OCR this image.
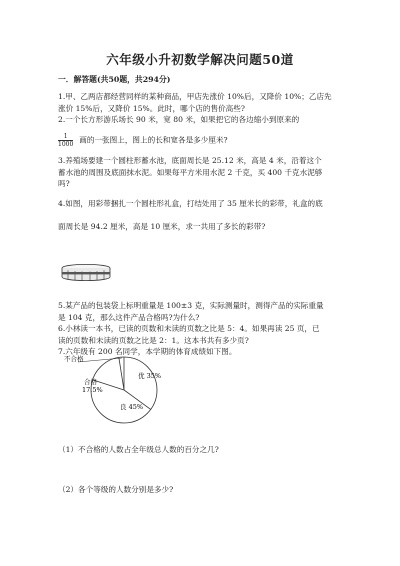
六年级小升初数学解决问题50道
一．解答题(共50题，共294分)
1.甲、乙两店都经营同样的某种商品，甲店先涨价 10%后，又降价 10%；乙店先
涨价 15%后，又降价 15%。此时，哪个店的售价高些?
2.一个长方形游乐场长 90 米，宽 80 米，如果把它的各边缩小到原来的
$\frac{1}{1000}$ 画的一张图上，图上的长和宽各是多少厘米?
3.养殖场要建一个圆柱形蓄水池，底面周长是 25.12 米，高是 4 米，沿着这个
蓄水池的周围及底面抹水泥。如果每平方米用水泥 2 千克，买 400 千克水泥够
吗?
4.如图，用彩带捆扎一个圆柱形礼盒，打结处用了 35 厘米长的彩带，礼盒的底
面周长是 94.2 厘米，高是 10 厘米，求一共用了多长的彩带?
5.某产品的包装袋上标明重量是 100±3 克，实际测量时，测得产品的实际重量
是 104 克，那么这件产品合格吗?为什么?
6.小林读一本书，已读的页数和未读的页数之比是 5：4。如果再读 25 页，已
读的页数和未读的页数之比是 2：1。这本书共有多少页?
7.六年级有 200 名同学，本学期的体育成绩如下图。
不合格
合格
17.5%
优 35%
良 45%
（1）不合格的人数占全年级总人数的百分之几?
（2）各个等级的人数分别是多少?
